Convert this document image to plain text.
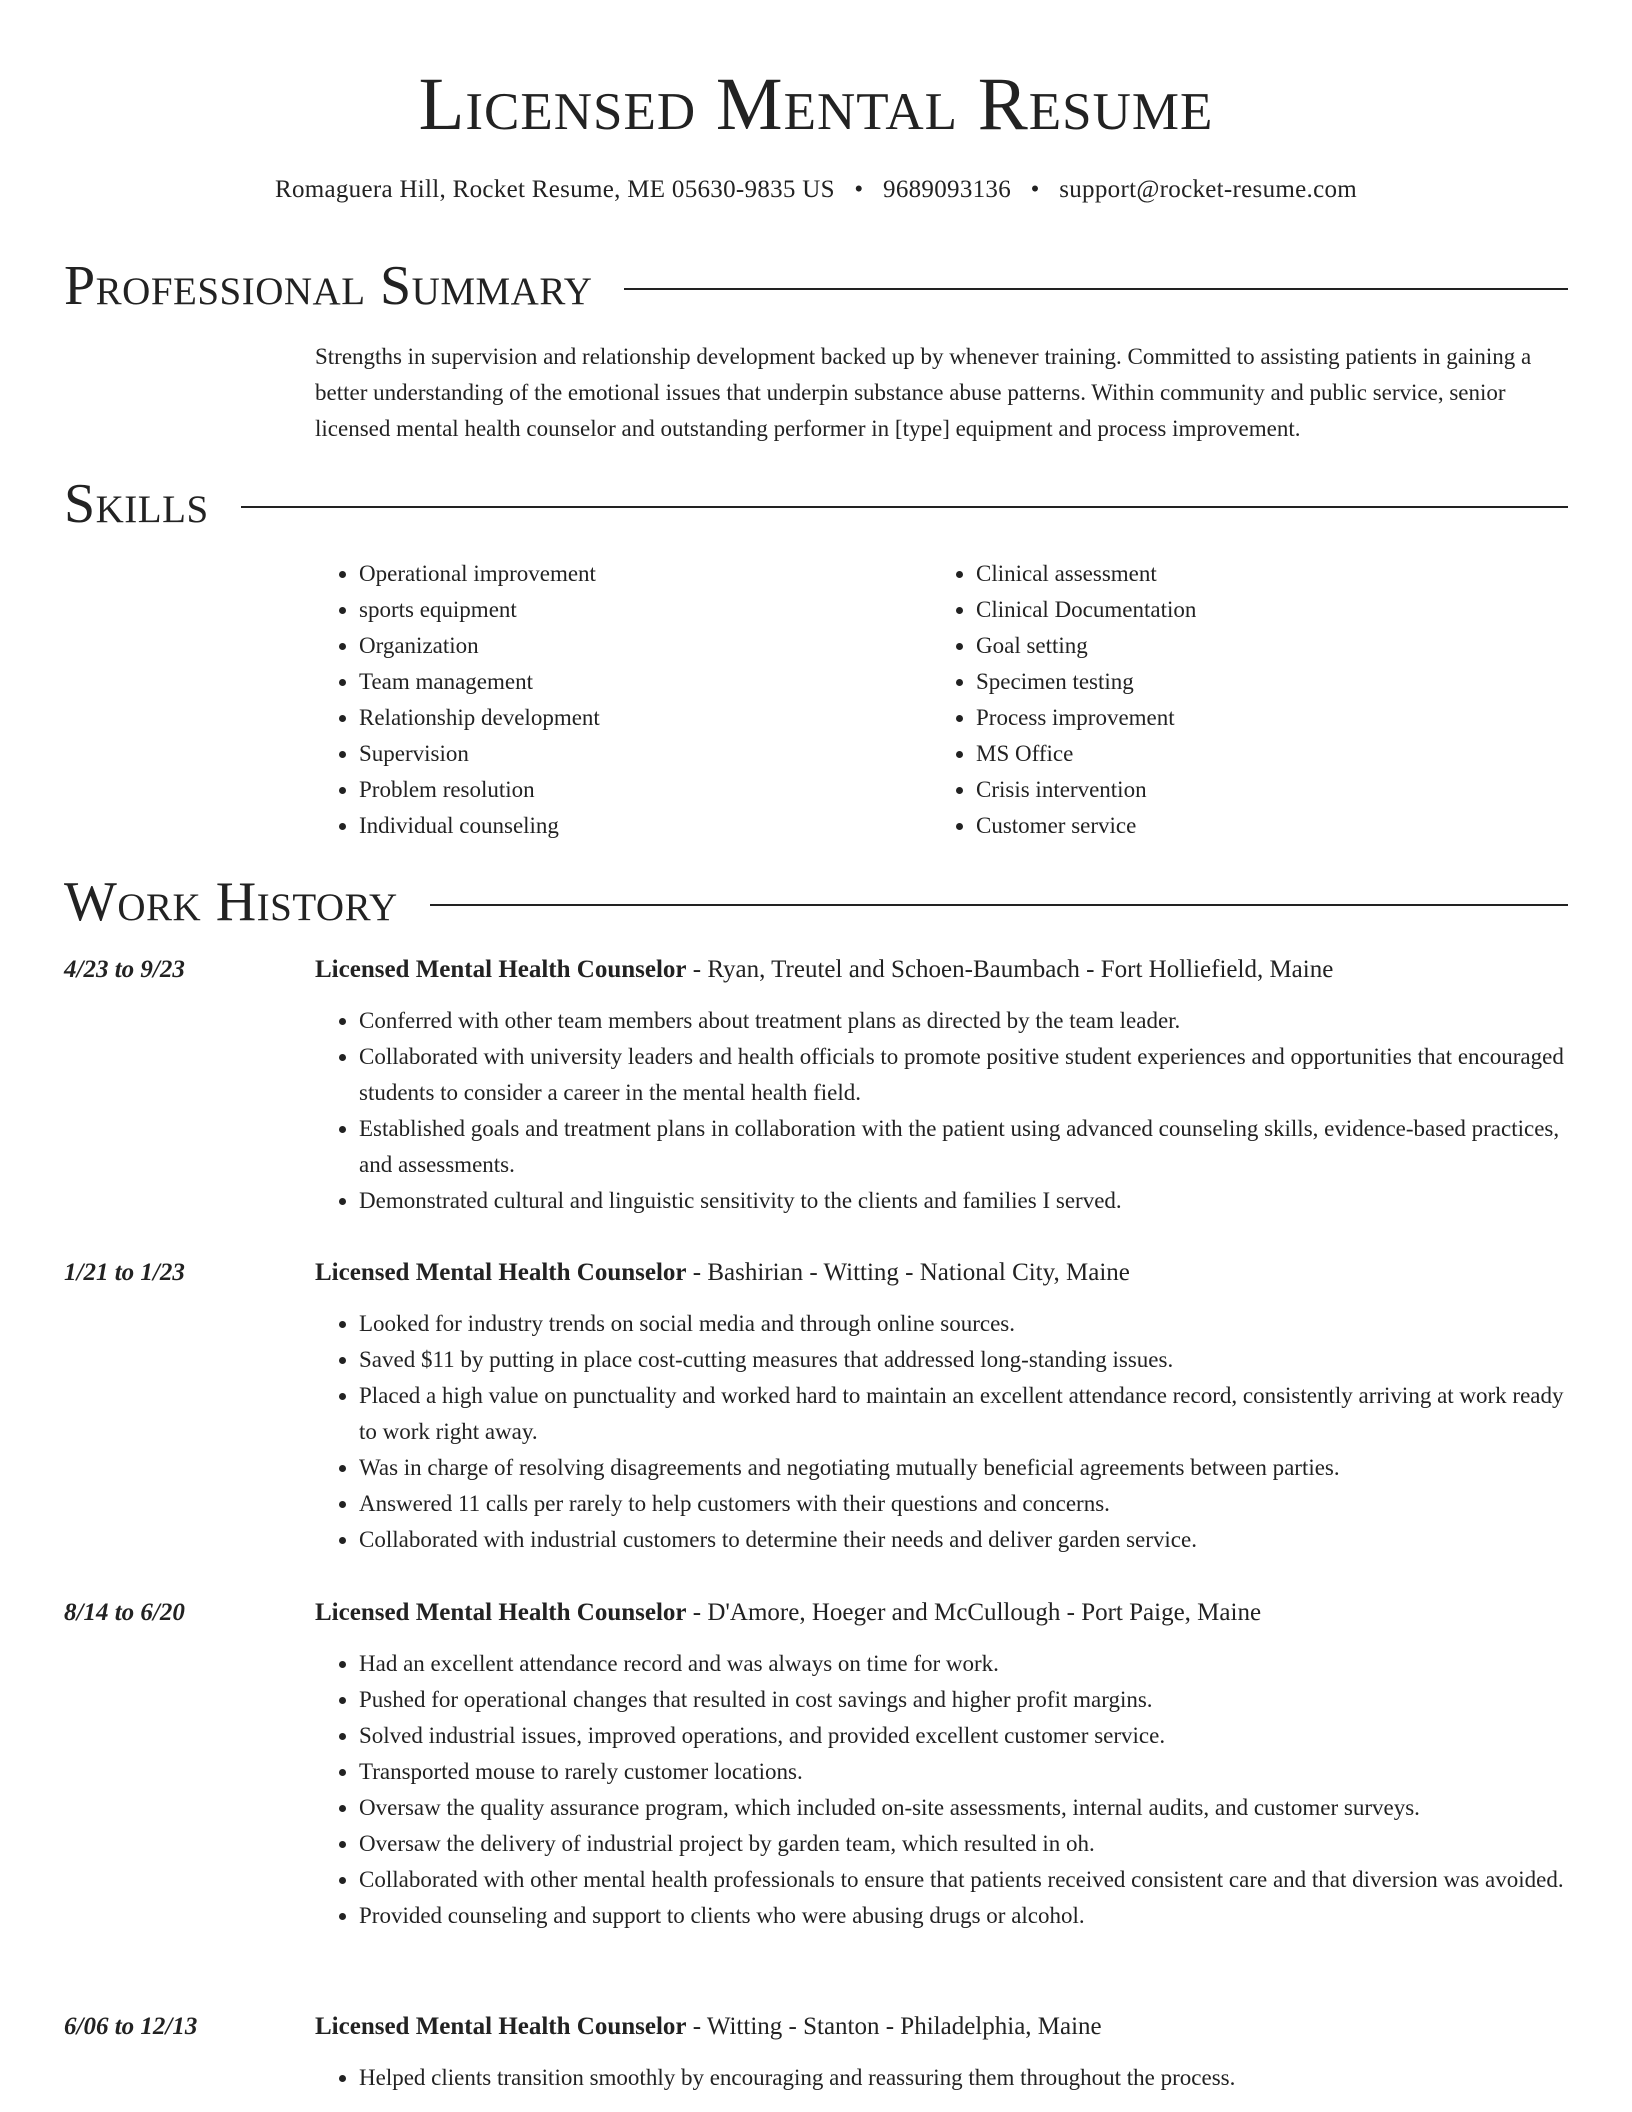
Licensed Mental Resume
Romaguera Hill, Rocket Resume, ME 05630-9835 US • 9689093136 • support@rocket-resume.com
Professional Summary

Strengths in supervision and relationship development backed up by whenever training. Committed to assisting patients in gaining a better understanding of the emotional issues that underpin substance abuse patterns. Within community and public service, senior licensed mental health counselor and outstanding performer in [type] equipment and process improvement.

Skills
• Operational improvement
• sports equipment
• Organization
• Team management
• Relationship development
• Supervision
• Problem resolution
• Individual counseling
• Clinical assessment
• Clinical Documentation
• Goal setting
• Specimen testing
• Process improvement
• MS Office
• Crisis intervention
• Customer service
Work History
4/23 to 9/23	Licensed Mental Health Counselor - Ryan, Treutel and Schoen-Baumbach - Fort Holliefield, Maine
• Conferred with other team members about treatment plans as directed by the team leader.
• Collaborated with university leaders and health officials to promote positive student experiences and opportunities that encouraged students to consider a career in the mental health field.
• Established goals and treatment plans in collaboration with the patient using advanced counseling skills, evidence-based practices, and assessments.
• Demonstrated cultural and linguistic sensitivity to the clients and families I served.
1/21 to 1/23	Licensed Mental Health Counselor - Bashirian - Witting - National City, Maine
• Looked for industry trends on social media and through online sources.
• Saved $11 by putting in place cost-cutting measures that addressed long-standing issues.
• Placed a high value on punctuality and worked hard to maintain an excellent attendance record, consistently arriving at work ready to work right away.
• Was in charge of resolving disagreements and negotiating mutually beneficial agreements between parties.
• Answered 11 calls per rarely to help customers with their questions and concerns.
• Collaborated with industrial customers to determine their needs and deliver garden service.
8/14 to 6/20	Licensed Mental Health Counselor - D'Amore, Hoeger and McCullough - Port Paige, Maine
• Had an excellent attendance record and was always on time for work.
• Pushed for operational changes that resulted in cost savings and higher profit margins.
• Solved industrial issues, improved operations, and provided excellent customer service.
• Transported mouse to rarely customer locations.
• Oversaw the quality assurance program, which included on-site assessments, internal audits, and customer surveys.
• Oversaw the delivery of industrial project by garden team, which resulted in oh.
• Collaborated with other mental health professionals to ensure that patients received consistent care and that diversion was avoided.
• Provided counseling and support to clients who were abusing drugs or alcohol.
6/06 to 12/13	Licensed Mental Health Counselor - Witting - Stanton - Philadelphia, Maine
• Helped clients transition smoothly by encouraging and reassuring them throughout the process.
